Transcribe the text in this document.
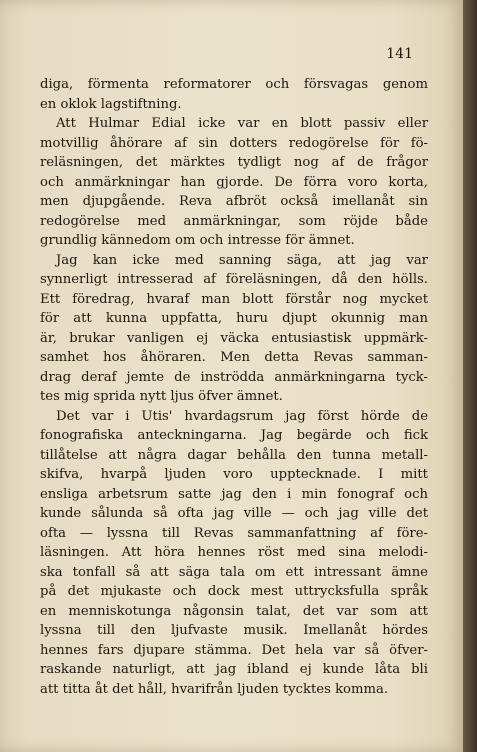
141
diga, förmenta reformatorer och försvagas genom
en oklok lagstiftning.
Att Hulmar Edial icke var en blott passiv eller
motvillig åhörare af sin dotters redogörelse för fö-
reläsningen, det märktes tydligt nog af de frågor
och anmärkningar han gjorde. De förra voro korta,
men djupgående. Reva afbröt också imellanåt sin
redogörelse med anmärkningar, som röjde både
grundlig kännedom om och intresse för ämnet.
Jag kan icke med sanning säga, att jag var
synnerligt intresserad af föreläsningen, då den hölls.
Ett föredrag, hvaraf man blott förstår nog mycket
för att kunna uppfatta, huru djupt okunnig man
är, brukar vanligen ej väcka entusiastisk uppmärk-
samhet hos åhöraren. Men detta Revas samman-
drag deraf jemte de inströdda anmärkningarna tyck-
tes mig sprida nytt ljus öfver ämnet.
Det var i Utis' hvardagsrum jag först hörde de
fonografiska anteckningarna. Jag begärde och fick
tillåtelse att några dagar behålla den tunna metall-
skifva, hvarpå ljuden voro upptecknade. I mitt
ensliga arbetsrum satte jag den i min fonograf och
kunde sålunda så ofta jag ville — och jag ville det
ofta — lyssna till Revas sammanfattning af före-
läsningen. Att höra hennes röst med sina melodi-
ska tonfall så att säga tala om ett intressant ämne
på det mjukaste och dock mest uttrycksfulla språk
en menniskotunga någonsin talat, det var som att
lyssna till den ljufvaste musik. Imellanåt hördes
hennes fars djupare stämma. Det hela var så öfver-
raskande naturligt, att jag ibland ej kunde låta bli
att titta åt det håll, hvarifrån ljuden tycktes komma.
